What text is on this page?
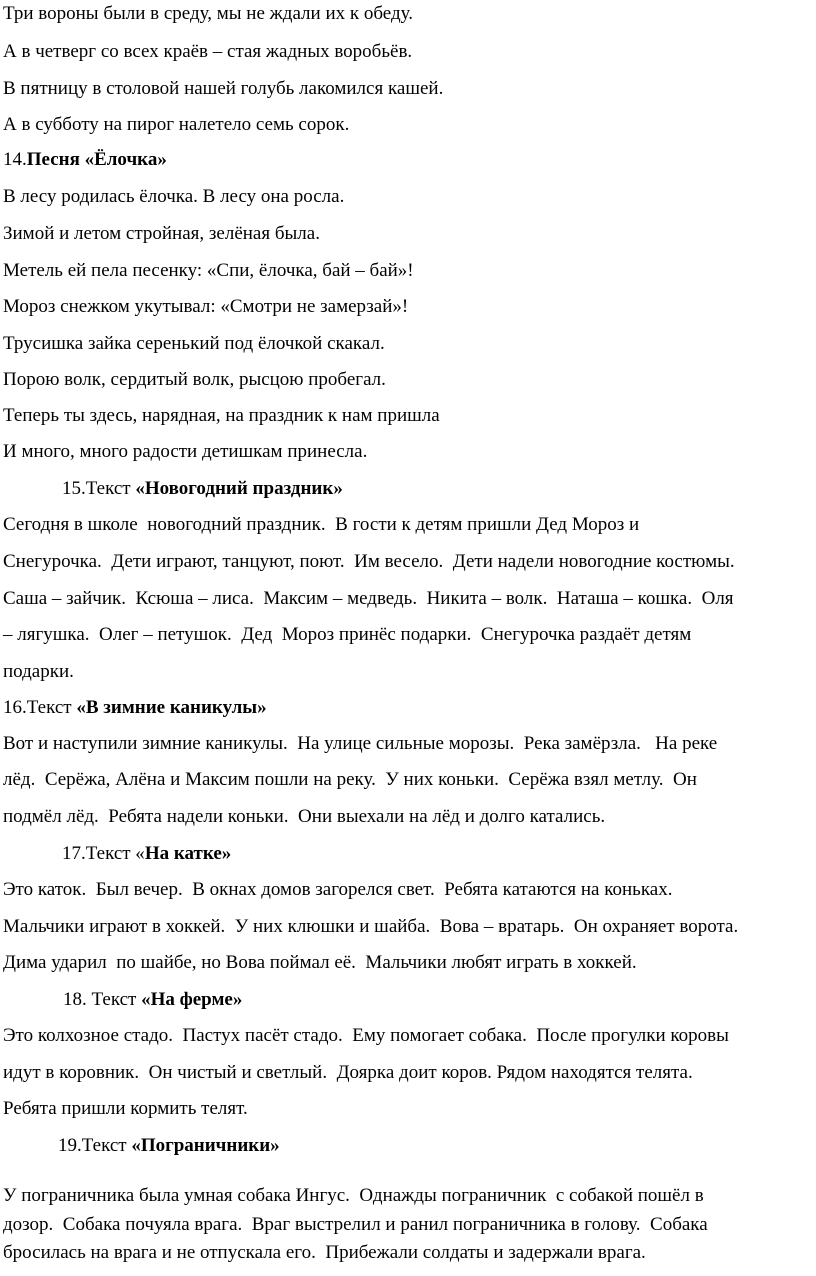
Три вороны были в среду, мы не ждали их к обеду.
А в четверг со всех краёв – стая жадных воробьёв.
В пятницу в столовой нашей голубь лакомился кашей.
А в субботу на пирог налетело семь сорок.
14.Песня «Ёлочка»
В лесу родилась ёлочка. В лесу она росла.
Зимой и летом стройная, зелёная была.
Метель ей пела песенку: «Спи, ёлочка, бай – бай»!
Мороз снежком укутывал: «Смотри не замерзай»!
Трусишка зайка серенький под ёлочкой скакал.
Порою волк, сердитый волк, рысцою пробегал.
Теперь ты здесь, нарядная, на праздник к нам пришла
И много, много радости детишкам принесла.
15.Текст «Новогодний праздник»
Сегодня в школе  новогодний праздник.  В гости к детям пришли Дед Мороз и
Снегурочка.  Дети играют, танцуют, поют.  Им весело.  Дети надели новогодние костюмы.
Саша – зайчик.  Ксюша – лиса.  Максим – медведь.  Никита – волк.  Наташа – кошка.  Оля
– лягушка.  Олег – петушок.  Дед  Мороз принёс подарки.  Снегурочка раздаёт детям
подарки.
16.Текст «В зимние каникулы»
Вот и наступили зимние каникулы.  На улице сильные морозы.  Река замёрзла.   На реке
лёд.  Серёжа, Алёна и Максим пошли на реку.  У них коньки.  Серёжа взял метлу.  Он
подмёл лёд.  Ребята надели коньки.  Они выехали на лёд и долго катались.
17.Текст «На катке»
Это каток.  Был вечер.  В окнах домов загорелся свет.  Ребята катаются на коньках.
Мальчики играют в хоккей.  У них клюшки и шайба.  Вова – вратарь.  Он охраняет ворота.
Дима ударил  по шайбе, но Вова поймал её.  Мальчики любят играть в хоккей.
18. Текст «На ферме»
Это колхозное стадо.  Пастух пасёт стадо.  Ему помогает собака.  После прогулки коровы
идут в коровник.  Он чистый и светлый.  Доярка доит коров. Рядом находятся телята.
Ребята пришли кормить телят.
19.Текст «Пограничники»
У пограничника была умная собака Ингус.  Однажды пограничник  с собакой пошёл в
дозор.  Собака почуяла врага.  Враг выстрелил и ранил пограничника в голову.  Собака
бросилась на врага и не отпускала его.  Прибежали солдаты и задержали врага.
